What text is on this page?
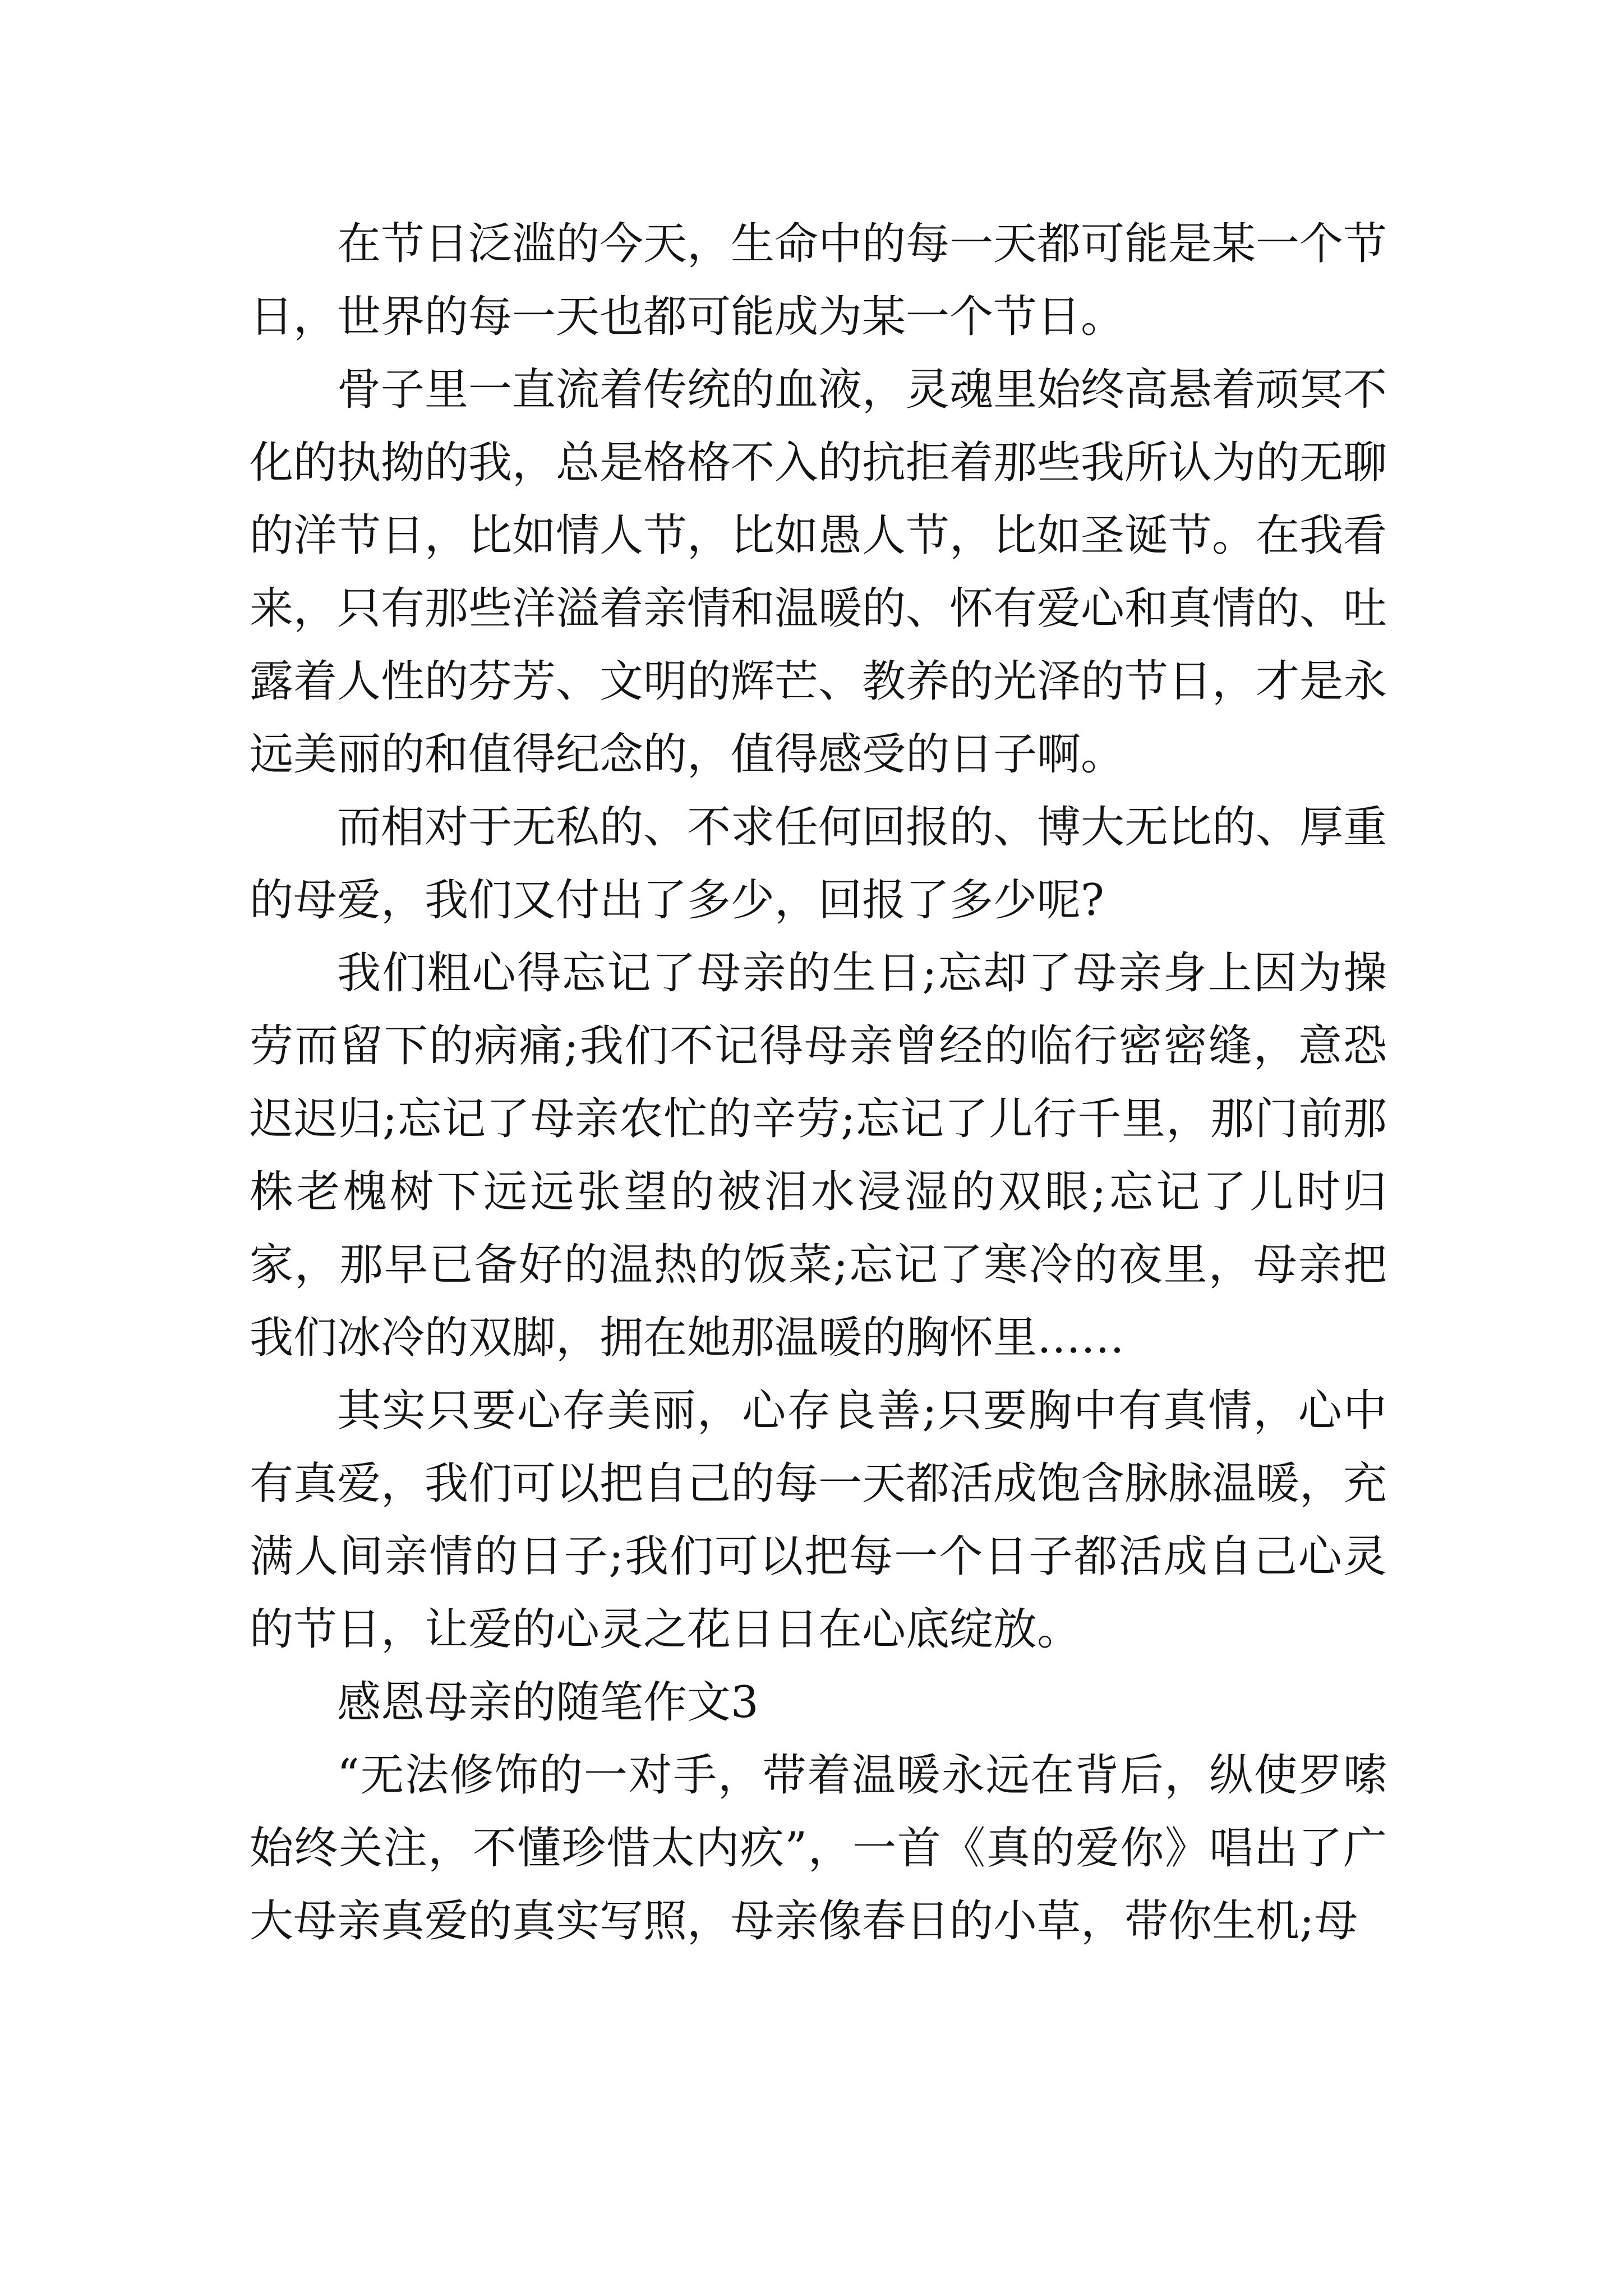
在节日泛滥的今天，生命中的每一天都可能是某一个节日，世界的每一天也都可能成为某一个节日。

骨子里一直流着传统的血液，灵魂里始终高悬着顽冥不化的执拗的我，总是格格不入的抗拒着那些我所认为的无聊的洋节日，比如情人节，比如愚人节，比如圣诞节。在我看来，只有那些洋溢着亲情和温暖的、怀有爱心和真情的、吐露着人性的芬芳、文明的辉芒、教养的光泽的节日，才是永远美丽的和值得纪念的，值得感受的日子啊。

而相对于无私的、不求任何回报的、博大无比的、厚重的母爱，我们又付出了多少，回报了多少呢?

我们粗心得忘记了母亲的生日;忘却了母亲身上因为操劳而留下的病痛;我们不记得母亲曾经的临行密密缝，意恐迟迟归;忘记了母亲农忙的辛劳;忘记了儿行千里，那门前那株老槐树下远远张望的被泪水浸湿的双眼;忘记了儿时归家，那早已备好的温热的饭菜;忘记了寒冷的夜里，母亲把我们冰冷的双脚，拥在她那温暖的胸怀里……

其实只要心存美丽，心存良善;只要胸中有真情，心中有真爱，我们可以把自己的每一天都活成饱含脉脉温暖，充满人间亲情的日子;我们可以把每一个日子都活成自己心灵的节日，让爱的心灵之花日日在心底绽放。

感恩母亲的随笔作文3

“无法修饰的一对手，带着温暖永远在背后，纵使罗嗦始终关注，不懂珍惜太内疚”，一首《真的爱你》唱出了广大母亲真爱的真实写照，母亲像春日的小草，带你生机;母
